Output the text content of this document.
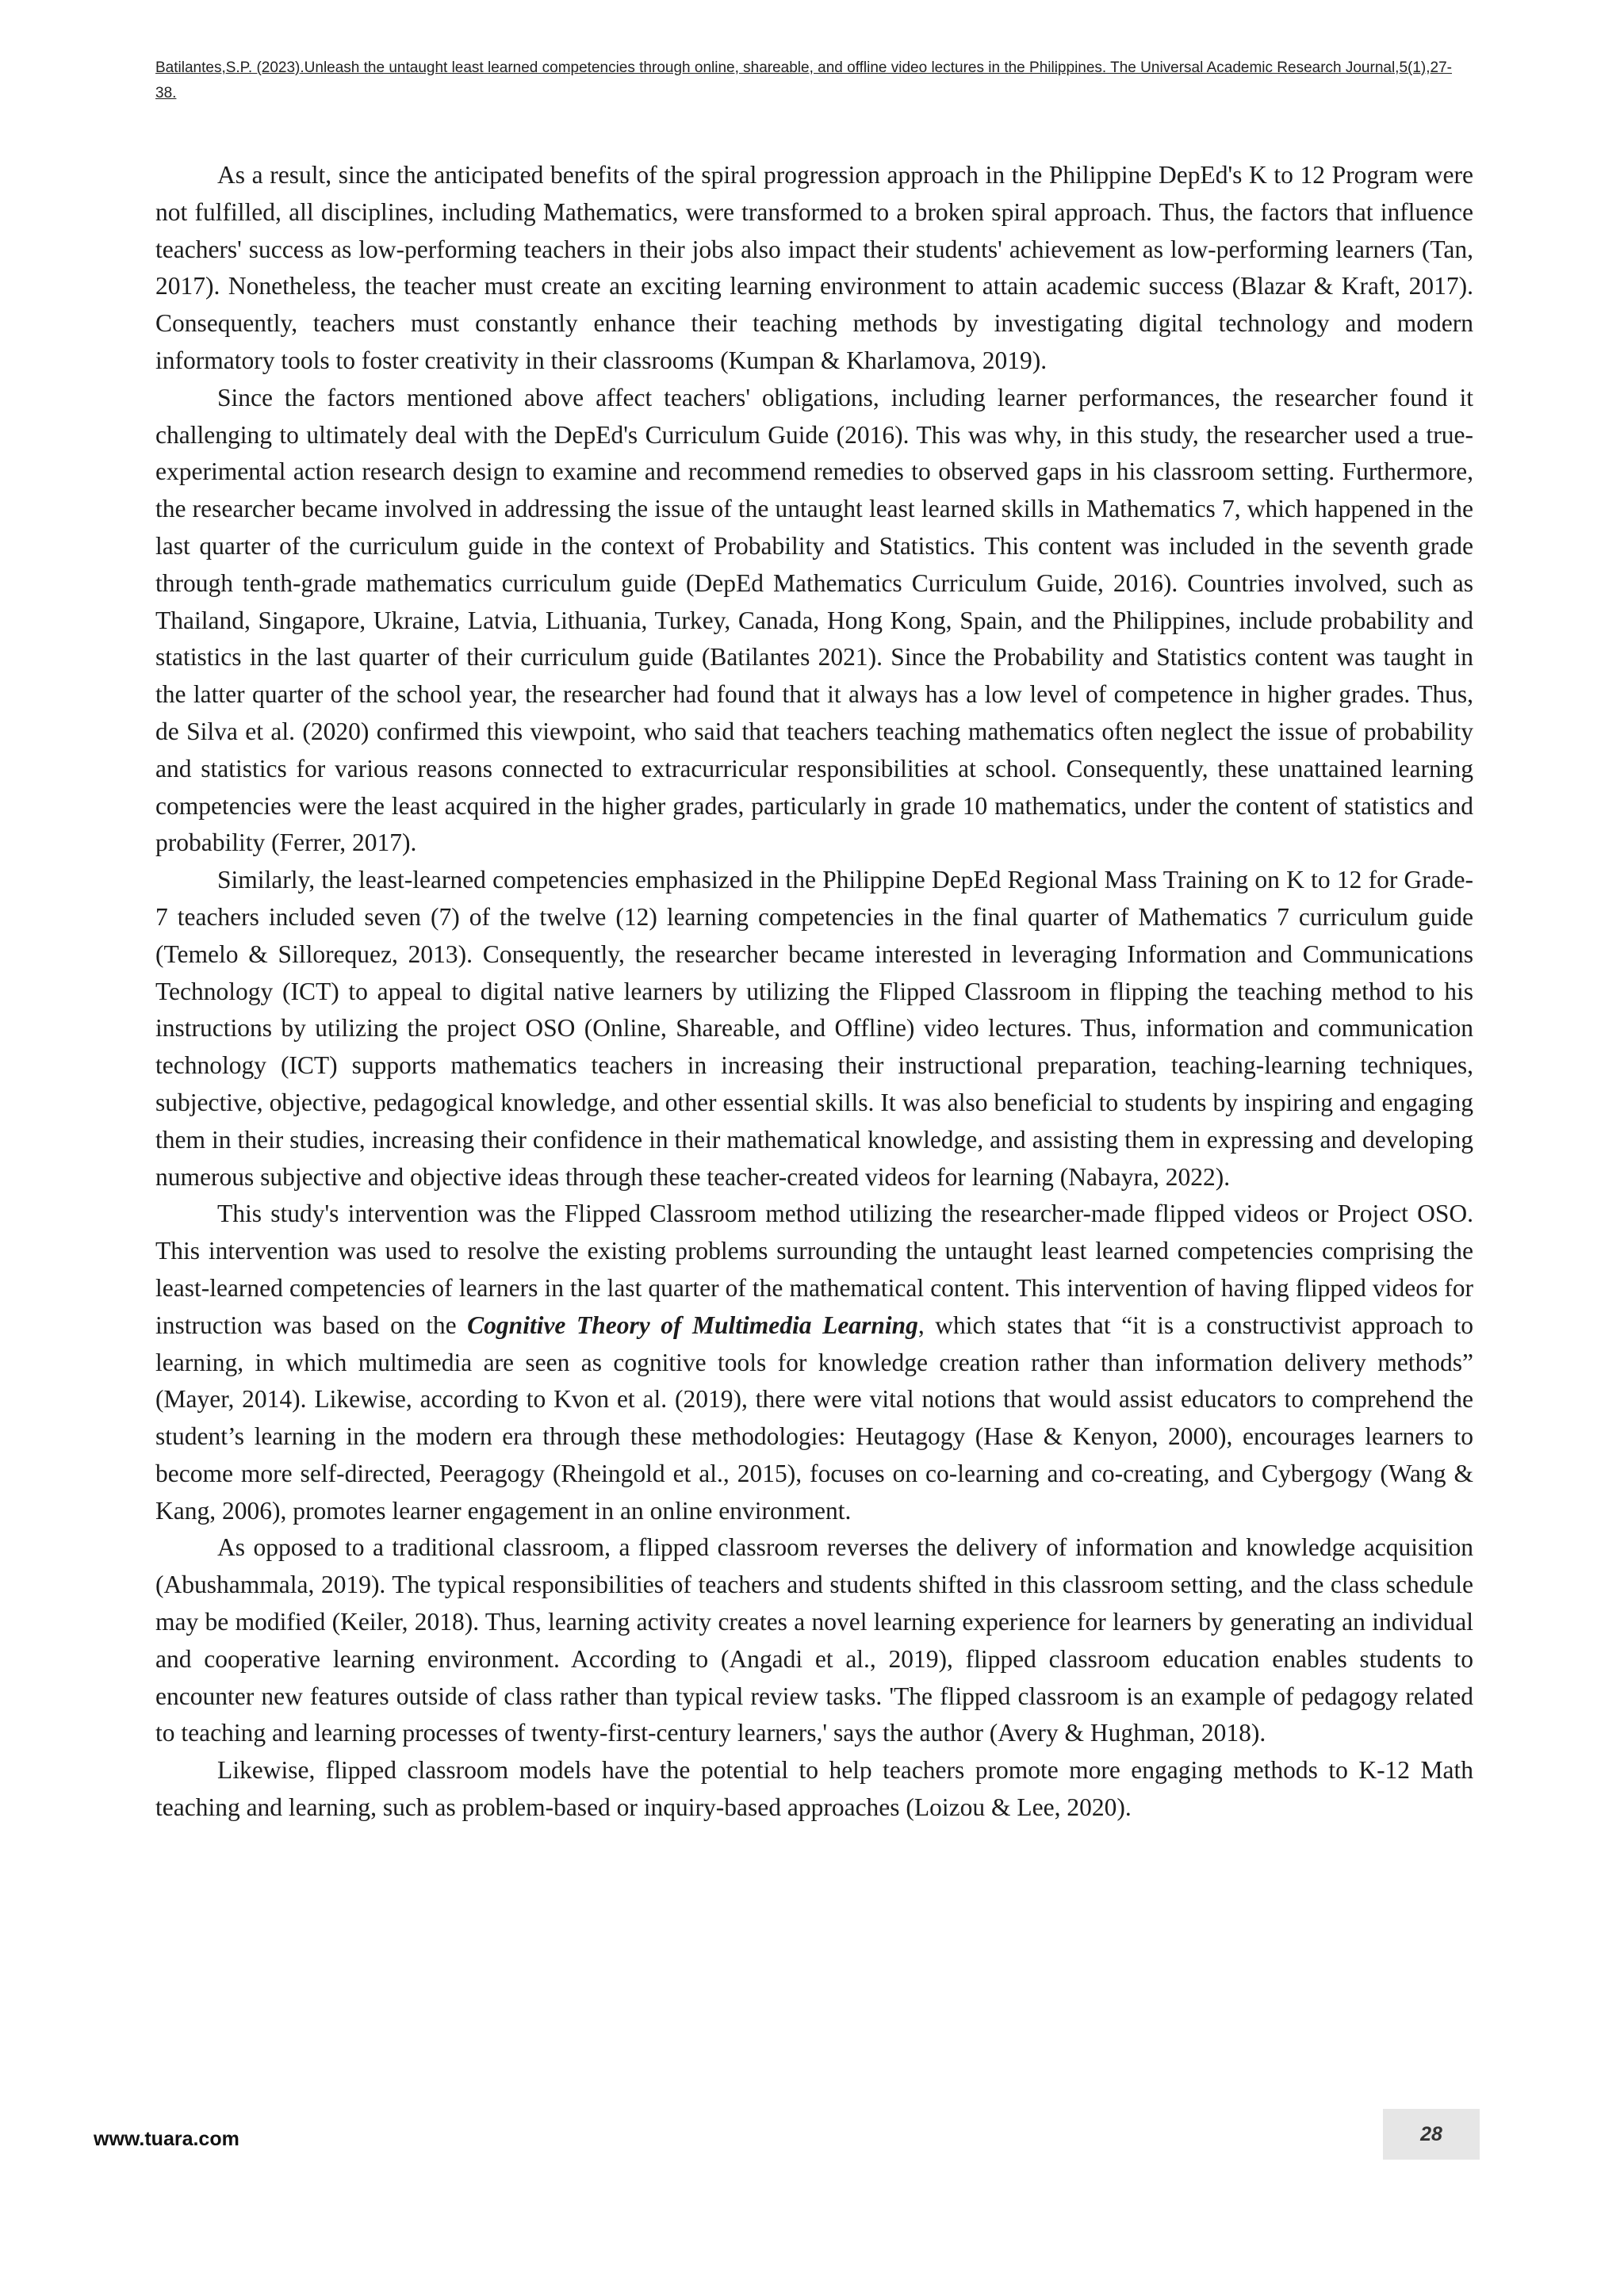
Batilantes,S.P. (2023).Unleash the untaught least learned competencies through online, shareable, and offline video lectures in the Philippines. The Universal Academic Research Journal,5(1),27-38.

As a result, since the anticipated benefits of the spiral progression approach in the Philippine DepEd's K to 12 Program were not fulfilled, all disciplines, including Mathematics, were transformed to a broken spiral approach. Thus, the factors that influence teachers' success as low-performing teachers in their jobs also impact their students' achievement as low-performing learners (Tan, 2017). Nonetheless, the teacher must create an exciting learning environment to attain academic success (Blazar & Kraft, 2017). Consequently, teachers must constantly enhance their teaching methods by investigating digital technology and modern informatory tools to foster creativity in their classrooms (Kumpan & Kharlamova, 2019).

Since the factors mentioned above affect teachers' obligations, including learner performances, the researcher found it challenging to ultimately deal with the DepEd's Curriculum Guide (2016). This was why, in this study, the researcher used a true-experimental action research design to examine and recommend remedies to observed gaps in his classroom setting. Furthermore, the researcher became involved in addressing the issue of the untaught least learned skills in Mathematics 7, which happened in the last quarter of the curriculum guide in the context of Probability and Statistics. This content was included in the seventh grade through tenth-grade mathematics curriculum guide (DepEd Mathematics Curriculum Guide, 2016). Countries involved, such as Thailand, Singapore, Ukraine, Latvia, Lithuania, Turkey, Canada, Hong Kong, Spain, and the Philippines, include probability and statistics in the last quarter of their curriculum guide (Batilantes 2021). Since the Probability and Statistics content was taught in the latter quarter of the school year, the researcher had found that it always has a low level of competence in higher grades. Thus, de Silva et al. (2020) confirmed this viewpoint, who said that teachers teaching mathematics often neglect the issue of probability and statistics for various reasons connected to extracurricular responsibilities at school. Consequently, these unattained learning competencies were the least acquired in the higher grades, particularly in grade 10 mathematics, under the content of statistics and probability (Ferrer, 2017).

Similarly, the least-learned competencies emphasized in the Philippine DepEd Regional Mass Training on K to 12 for Grade-7 teachers included seven (7) of the twelve (12) learning competencies in the final quarter of Mathematics 7 curriculum guide (Temelo & Sillorequez, 2013). Consequently, the researcher became interested in leveraging Information and Communications Technology (ICT) to appeal to digital native learners by utilizing the Flipped Classroom in flipping the teaching method to his instructions by utilizing the project OSO (Online, Shareable, and Offline) video lectures. Thus, information and communication technology (ICT) supports mathematics teachers in increasing their instructional preparation, teaching-learning techniques, subjective, objective, pedagogical knowledge, and other essential skills. It was also beneficial to students by inspiring and engaging them in their studies, increasing their confidence in their mathematical knowledge, and assisting them in expressing and developing numerous subjective and objective ideas through these teacher-created videos for learning (Nabayra, 2022).

This study's intervention was the Flipped Classroom method utilizing the researcher-made flipped videos or Project OSO. This intervention was used to resolve the existing problems surrounding the untaught least learned competencies comprising the least-learned competencies of learners in the last quarter of the mathematical content. This intervention of having flipped videos for instruction was based on the Cognitive Theory of Multimedia Learning, which states that “it is a constructivist approach to learning, in which multimedia are seen as cognitive tools for knowledge creation rather than information delivery methods” (Mayer, 2014). Likewise, according to Kvon et al. (2019), there were vital notions that would assist educators to comprehend the student’s learning in the modern era through these methodologies: Heutagogy (Hase & Kenyon, 2000), encourages learners to become more self-directed, Peeragogy (Rheingold et al., 2015), focuses on co-learning and co-creating, and Cybergogy (Wang & Kang, 2006), promotes learner engagement in an online environment.

As opposed to a traditional classroom, a flipped classroom reverses the delivery of information and knowledge acquisition (Abushammala, 2019). The typical responsibilities of teachers and students shifted in this classroom setting, and the class schedule may be modified (Keiler, 2018). Thus, learning activity creates a novel learning experience for learners by generating an individual and cooperative learning environment. According to (Angadi et al., 2019), flipped classroom education enables students to encounter new features outside of class rather than typical review tasks. 'The flipped classroom is an example of pedagogy related to teaching and learning processes of twenty-first-century learners,' says the author (Avery & Hughman, 2018).

Likewise, flipped classroom models have the potential to help teachers promote more engaging methods to K-12 Math teaching and learning, such as problem-based or inquiry-based approaches (Loizou & Lee, 2020).

www.tuara.com	28
